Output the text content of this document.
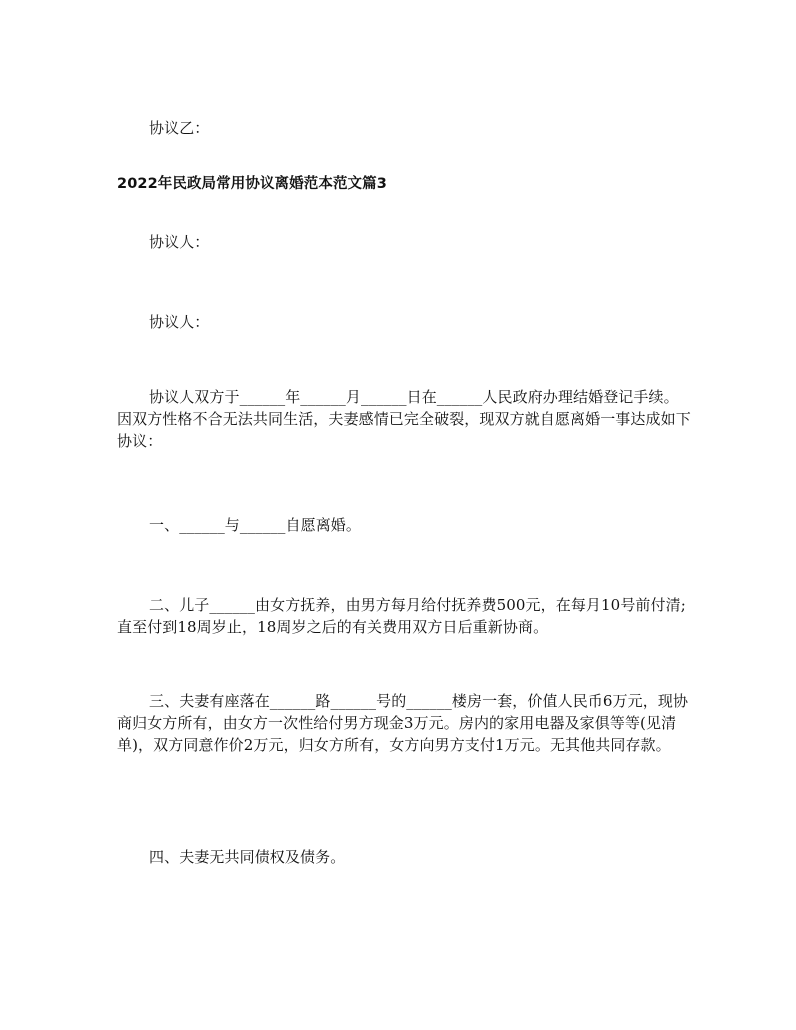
协议乙：
2022年民政局常用协议离婚范本范文篇3
协议人：
协议人：
协议人双方于______年______月______日在______人民政府办理结婚登记手续。因双方性格不合无法共同生活，夫妻感情已完全破裂，现双方就自愿离婚一事达成如下协议：
一、______与______自愿离婚。
二、儿子______由女方抚养，由男方每月给付抚养费500元，在每月10号前付清;直至付到18周岁止，18周岁之后的有关费用双方日后重新协商。
三、夫妻有座落在______路______号的______楼房一套，价值人民币6万元，现协商归女方所有，由女方一次性给付男方现金3万元。房内的家用电器及家俱等等(见清单)，双方同意作价2万元，归女方所有，女方向男方支付1万元。无其他共同存款。
四、夫妻无共同债权及债务。
